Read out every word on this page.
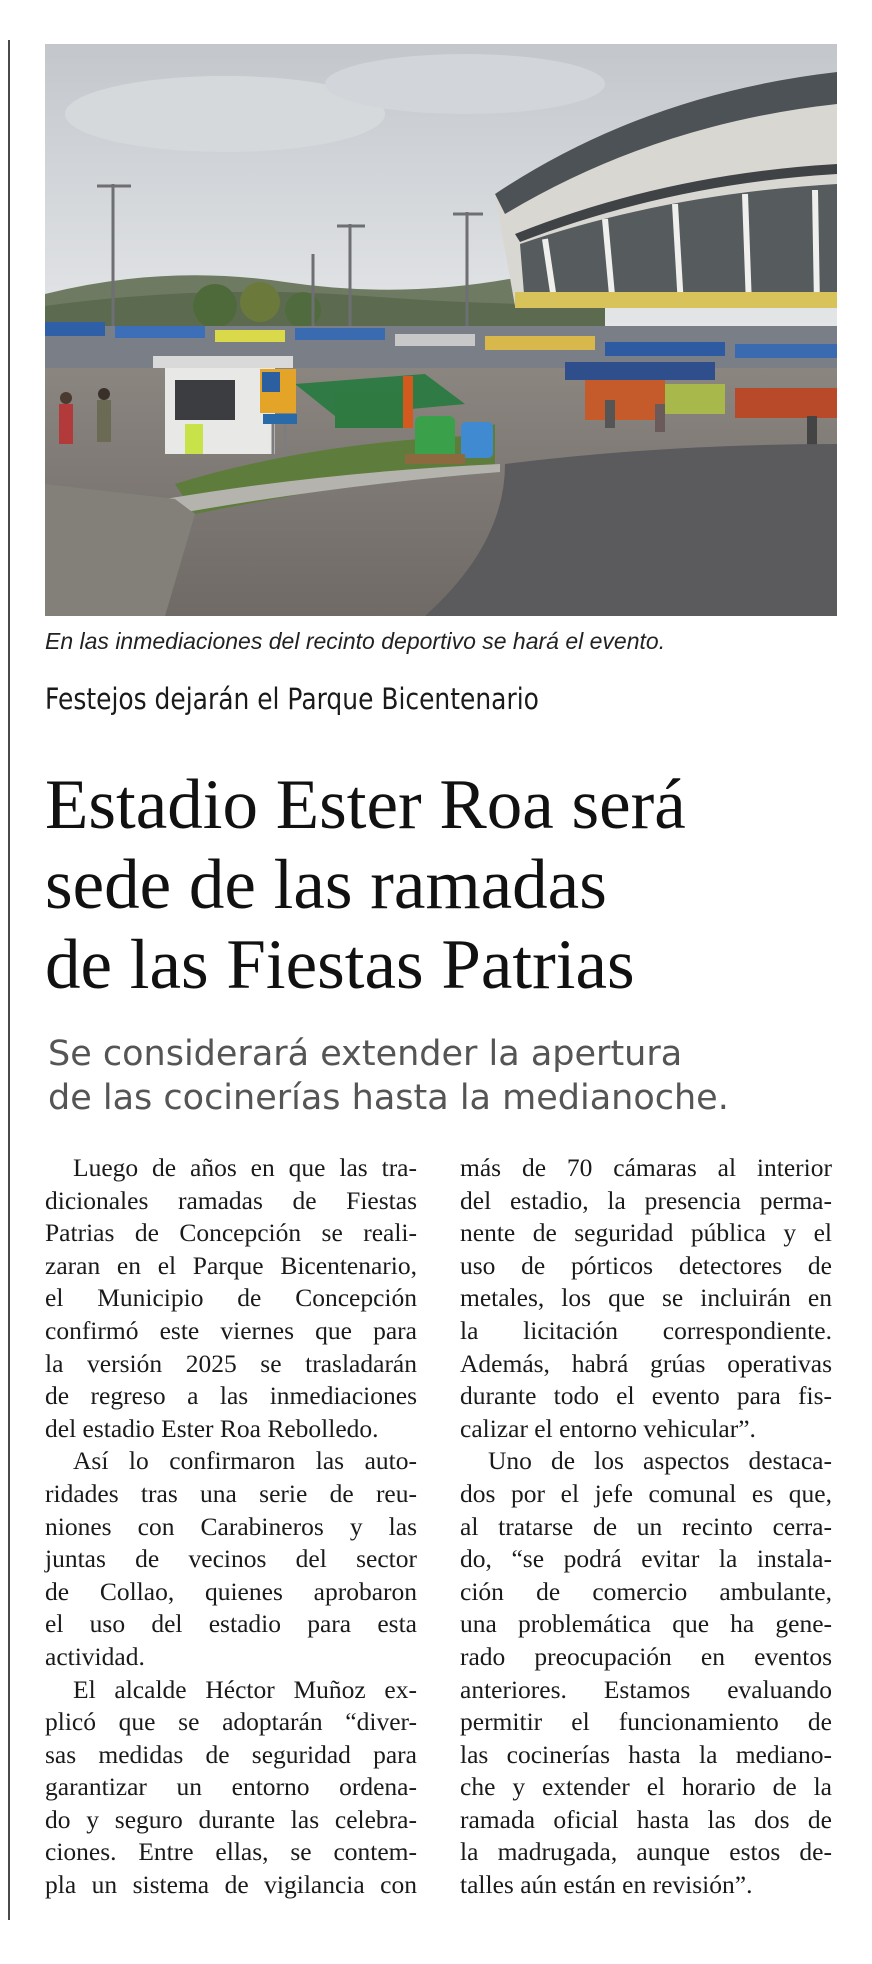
En las inmediaciones del recinto deportivo se hará el evento.
Festejos dejarán el Parque Bicentenario
Estadio Ester Roa será
sede de las ramadas
de las Fiestas Patrias
Se considerará extender la apertura
de las cocinerías hasta la medianoche.
Luego de años en que las tra-
dicionales ramadas de Fiestas
Patrias de Concepción se reali-
zaran en el Parque Bicentenario,
el Municipio de Concepción
confirmó este viernes que para
la versión 2025 se trasladarán
de regreso a las inmediaciones
del estadio Ester Roa Rebolledo.
Así lo confirmaron las auto-
ridades tras una serie de reu-
niones con Carabineros y las
juntas de vecinos del sector
de Collao, quienes aprobaron
el uso del estadio para esta
actividad.
El alcalde Héctor Muñoz ex-
plicó que se adoptarán “diver-
sas medidas de seguridad para
garantizar un entorno ordena-
do y seguro durante las celebra-
ciones. Entre ellas, se contem-
pla un sistema de vigilancia con
más de 70 cámaras al interior
del estadio, la presencia perma-
nente de seguridad pública y el
uso de pórticos detectores de
metales, los que se incluirán en
la licitación correspondiente.
Además, habrá grúas operativas
durante todo el evento para fis-
calizar el entorno vehicular”.
Uno de los aspectos destaca-
dos por el jefe comunal es que,
al tratarse de un recinto cerra-
do, “se podrá evitar la instala-
ción de comercio ambulante,
una problemática que ha gene-
rado preocupación en eventos
anteriores. Estamos evaluando
permitir el funcionamiento de
las cocinerías hasta la mediano-
che y extender el horario de la
ramada oficial hasta las dos de
la madrugada, aunque estos de-
talles aún están en revisión”.
